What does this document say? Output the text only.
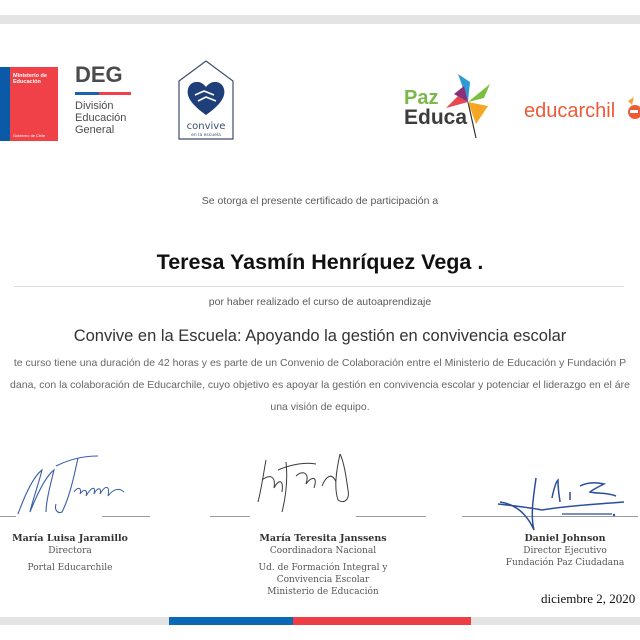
Ministerio de
Educación
Gobierno de Chile
DEG
División
Educación
General	convive
en la escuela
Paz
Educa	educarchil
Se otorga el presente certificado de participación a
Teresa Yasmín Henríquez Vega .
por haber realizado el curso de autoaprendizaje
Convive en la Escuela: Apoyando la gestión en convivencia escolar
te curso tiene una duración de 42 horas y es parte de un Convenio de Colaboración entre el Ministerio de Educación y Fundación P
dana, con la colaboración de Educarchile, cuyo objetivo es apoyar la gestión en convivencia escolar y potenciar el liderazgo en el áre
una visión de equipo.
María Luisa Jaramillo
Directora
Portal Educarchile
María Teresita Janssens
Coordinadora Nacional
Ud. de Formación Integral y
Convivencia Escolar
Ministerio de Educación
Daniel Johnson
Director Ejecutivo
Fundación Paz Ciudadana
diciembre 2, 2020
